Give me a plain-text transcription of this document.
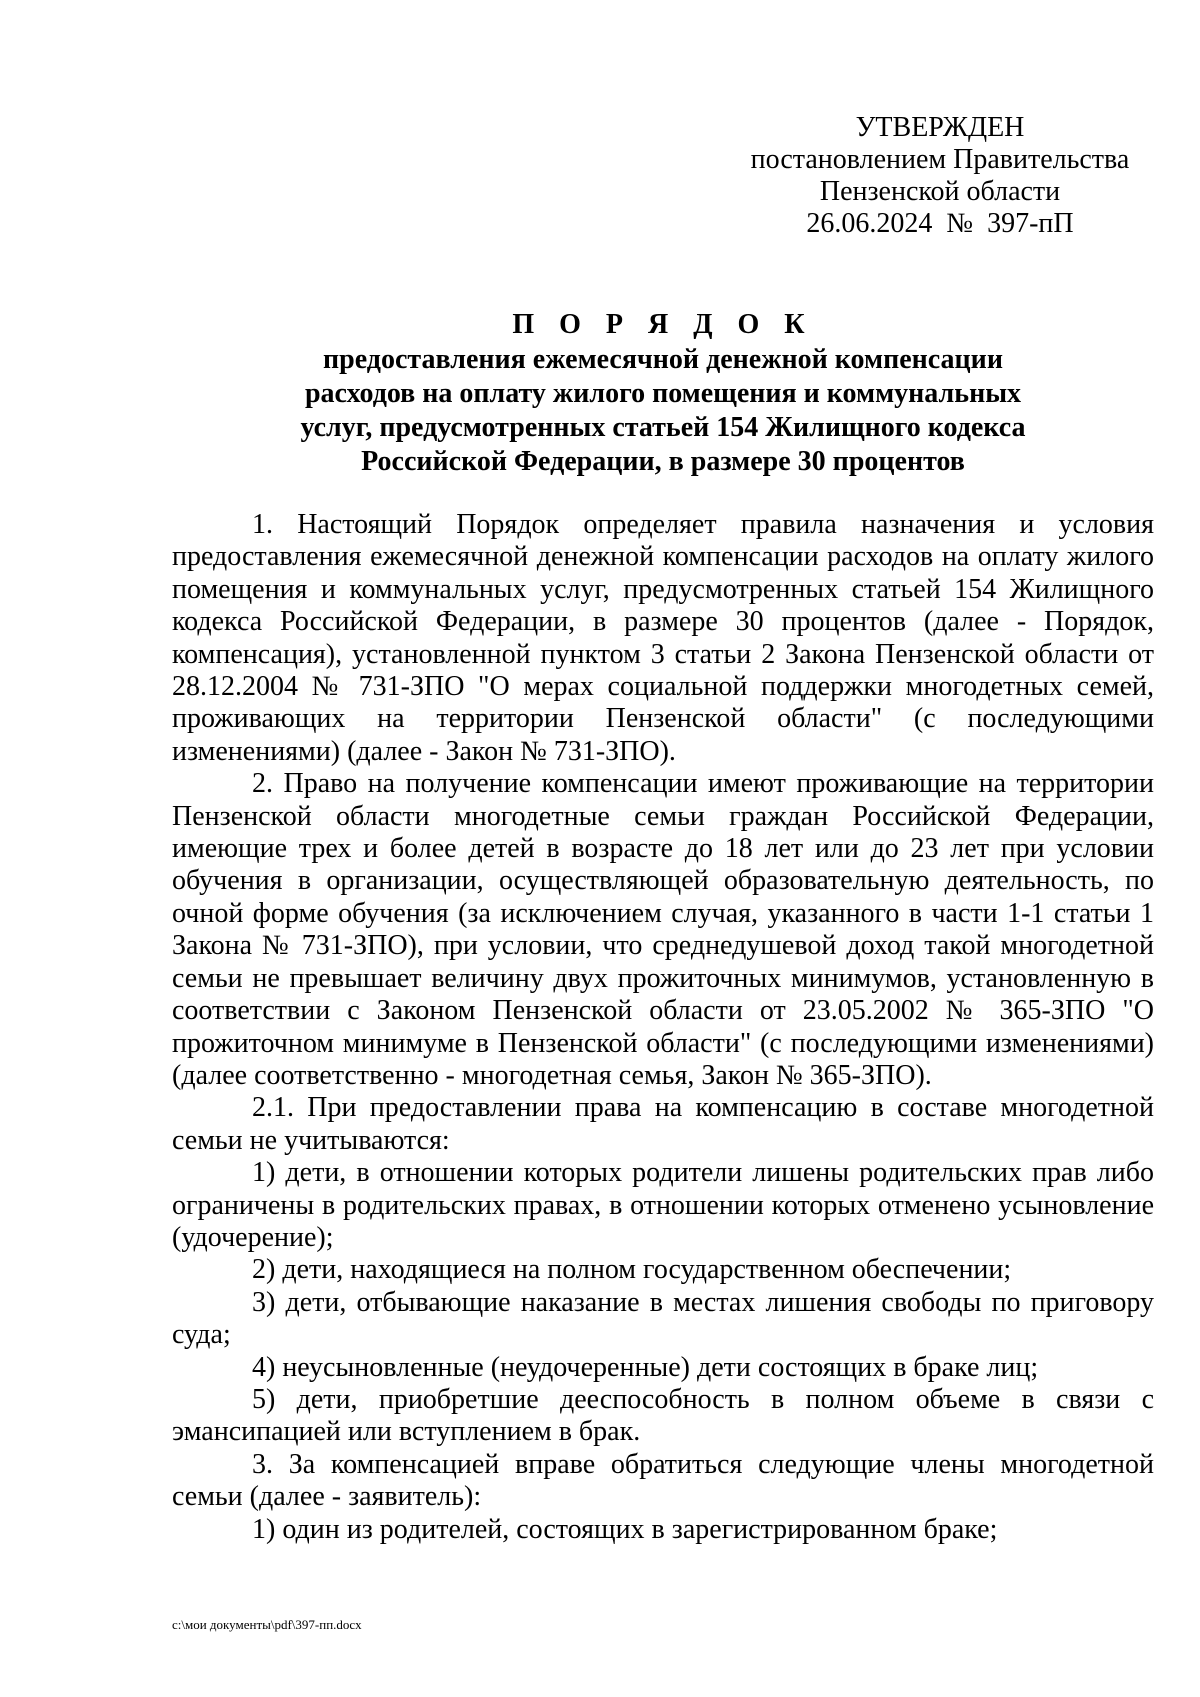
УТВЕРЖДЕН
постановлением Правительства
Пензенской области
26.06.2024  №  397-пП
П О Р Я Д О К
предоставления ежемесячной денежной компенсации
расходов на оплату жилого помещения и коммунальных
услуг, предусмотренных статьей 154 Жилищного кодекса
Российской Федерации, в размере 30 процентов

1. Настоящий Порядок определяет правила назначения и условия предоставления ежемесячной денежной компенсации расходов на оплату жилого помещения и коммунальных услуг, предусмотренных статьей 154 Жилищного кодекса Российской Федерации, в размере 30 процентов (далее - Порядок, компенсация), установленной пунктом 3 статьи 2 Закона Пензенской области от 28.12.2004 № 731-ЗПО "О мерах социальной поддержки многодетных семей, проживающих на территории Пензенской области" (с последующими изменениями) (далее - Закон № 731-ЗПО).

2. Право на получение компенсации имеют проживающие на территории Пензенской области многодетные семьи граждан Российской Федерации, имеющие трех и более детей в возрасте до 18 лет или до 23 лет при условии обучения в организации, осуществляющей образовательную деятельность, по очной форме обучения (за исключением случая, указанного в части 1-1 статьи 1 Закона № 731-ЗПО), при условии, что среднедушевой доход такой многодетной семьи не превышает величину двух прожиточных минимумов, установленную в соответствии с Законом Пензенской области от 23.05.2002 № 365-ЗПО "О прожиточном минимуме в Пензенской области" (с последующими изменениями) (далее соответственно - многодетная семья, Закон № 365-ЗПО).

2.1. При предоставлении права на компенсацию в составе многодетной семьи не учитываются:

1) дети, в отношении которых родители лишены родительских прав либо ограничены в родительских правах, в отношении которых отменено усыновление (удочерение);

2) дети, находящиеся на полном государственном обеспечении;

3) дети, отбывающие наказание в местах лишения свободы по приговору суда;

4) неусыновленные (неудочеренные) дети состоящих в браке лиц;

5) дети, приобретшие дееспособность в полном объеме в связи с эмансипацией или вступлением в брак.

3. За компенсацией вправе обратиться следующие члены многодетной семьи (далее - заявитель):

1) один из родителей, состоящих в зарегистрированном браке;

c:\мои документы\pdf\397-пп.docx
